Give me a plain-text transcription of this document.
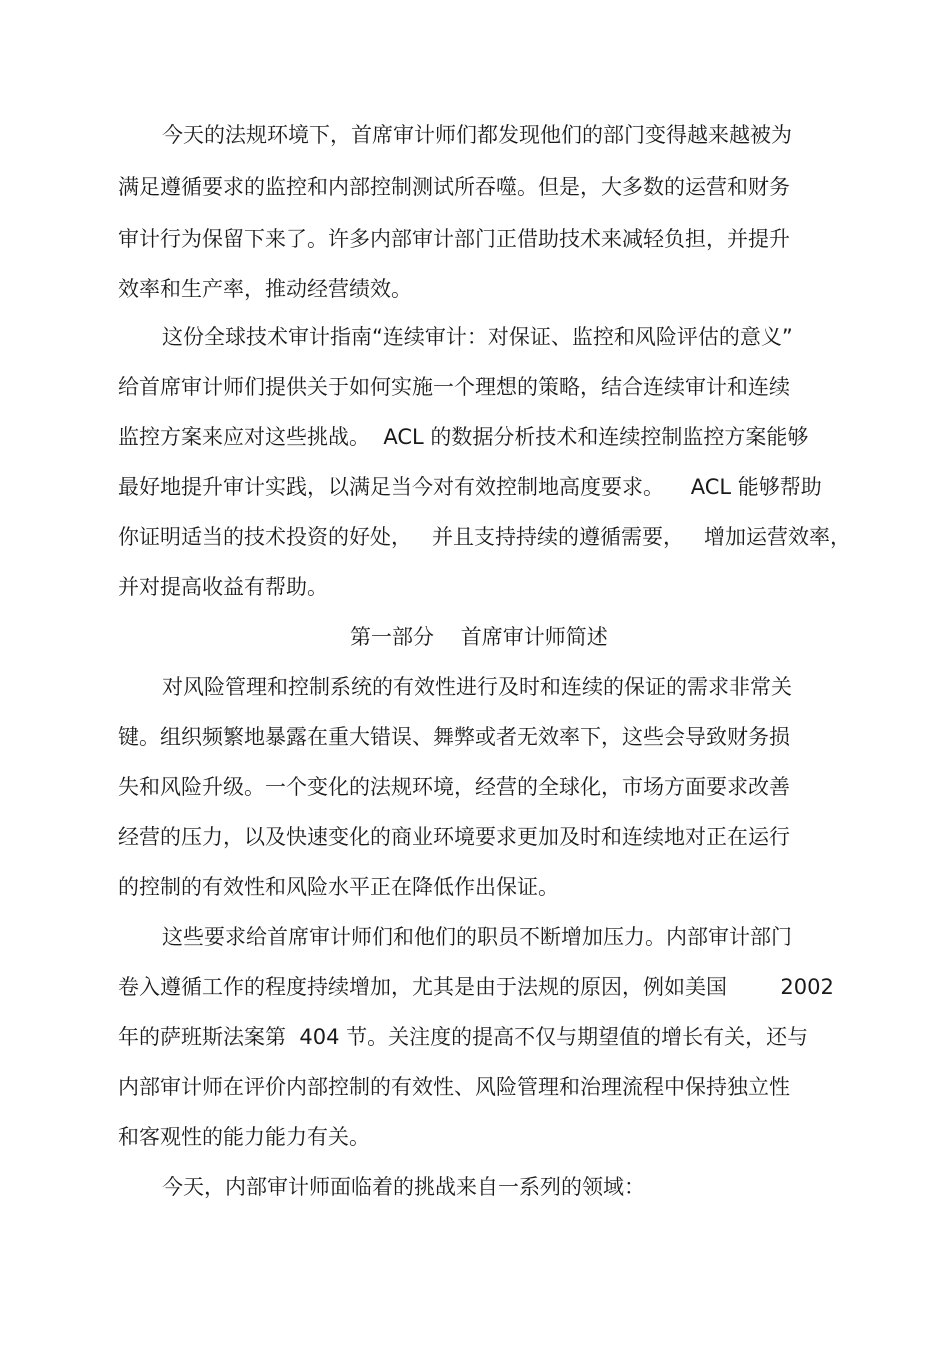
今天的法规环境下，首席审计师们都发现他们的部门变得越来越被为
满足遵循要求的监控和内部控制测试所吞噬。但是，大多数的运营和财务
审计行为保留下来了。许多内部审计部门正借助技术来减轻负担，并提升
效率和生产率，推动经营绩效。
这份全球技术审计指南“连续审计：对保证、监控和风险评估的意义”
给首席审计师们提供关于如何实施一个理想的策略，结合连续审计和连续
监控方案来应对这些挑战。  ACL 的数据分析技术和连续控制监控方案能够
最好地提升审计实践，以满足当今对有效控制地高度要求。    ACL 能够帮助
你证明适当的技术投资的好处，   并且支持持续的遵循需要，   增加运营效率，
并对提高收益有帮助。
第一部分    首席审计师简述
对风险管理和控制系统的有效性进行及时和连续的保证的需求非常关
键。组织频繁地暴露在重大错误、舞弊或者无效率下，这些会导致财务损
失和风险升级。一个变化的法规环境，经营的全球化，市场方面要求改善
经营的压力，以及快速变化的商业环境要求更加及时和连续地对正在运行
的控制的有效性和风险水平正在降低作出保证。
这些要求给首席审计师们和他们的职员不断增加压力。内部审计部门
卷入遵循工作的程度持续增加，尤其是由于法规的原因，例如美国        2002
年的萨班斯法案第  404 节。关注度的提高不仅与期望值的增长有关，还与
内部审计师在评价内部控制的有效性、风险管理和治理流程中保持独立性
和客观性的能力能力有关。
今天，内部审计师面临着的挑战来自一系列的领域：
